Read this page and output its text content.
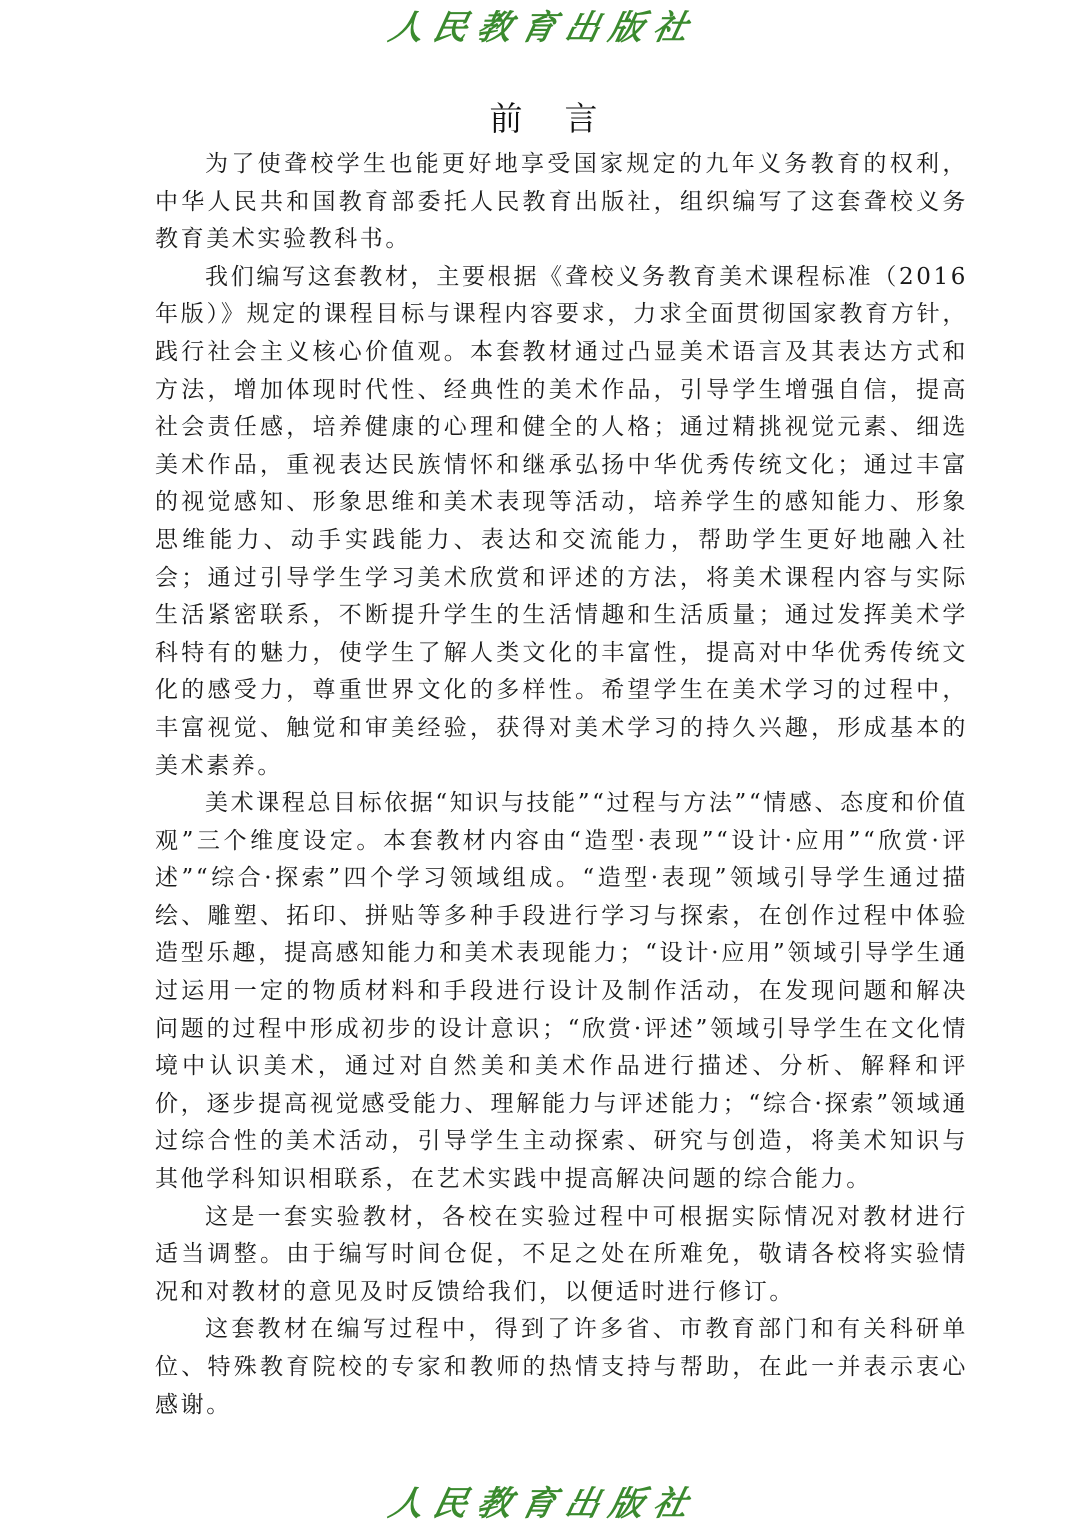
人民教育出版社
前言

为了使聋校学生也能更好地享受国家规定的九年义务教育的权利，中华人民共和国教育部委托人民教育出版社，组织编写了这套聋校义务教育美术实验教科书。

我们编写这套教材，主要根据《聋校义务教育美术课程标准（2016年版）》规定的课程目标与课程内容要求，力求全面贯彻国家教育方针，践行社会主义核心价值观。本套教材通过凸显美术语言及其表达方式和方法，增加体现时代性、经典性的美术作品，引导学生增强自信，提高社会责任感，培养健康的心理和健全的人格；通过精挑视觉元素、细选美术作品，重视表达民族情怀和继承弘扬中华优秀传统文化；通过丰富的视觉感知、形象思维和美术表现等活动，培养学生的感知能力、形象思维能力、动手实践能力、表达和交流能力，帮助学生更好地融入社会；通过引导学生学习美术欣赏和评述的方法，将美术课程内容与实际生活紧密联系，不断提升学生的生活情趣和生活质量；通过发挥美术学科特有的魅力，使学生了解人类文化的丰富性，提高对中华优秀传统文化的感受力，尊重世界文化的多样性。希望学生在美术学习的过程中，丰富视觉、触觉和审美经验，获得对美术学习的持久兴趣，形成基本的美术素养。

美术课程总目标依据“知识与技能”“过程与方法”“情感、态度和价值观”三个维度设定。本套教材内容由“造型·表现”“设计·应用”“欣赏·评述”“综合·探索”四个学习领域组成。“造型·表现”领域引导学生通过描绘、雕塑、拓印、拼贴等多种手段进行学习与探索，在创作过程中体验造型乐趣，提高感知能力和美术表现能力；“设计·应用”领域引导学生通过运用一定的物质材料和手段进行设计及制作活动，在发现问题和解决问题的过程中形成初步的设计意识；“欣赏·评述”领域引导学生在文化情境中认识美术，通过对自然美和美术作品进行描述、分析、解释和评价，逐步提高视觉感受能力、理解能力与评述能力；“综合·探索”领域通过综合性的美术活动，引导学生主动探索、研究与创造，将美术知识与其他学科知识相联系，在艺术实践中提高解决问题的综合能力。

这是一套实验教材，各校在实验过程中可根据实际情况对教材进行适当调整。由于编写时间仓促，不足之处在所难免，敬请各校将实验情况和对教材的意见及时反馈给我们，以便适时进行修订。

这套教材在编写过程中，得到了许多省、市教育部门和有关科研单位、特殊教育院校的专家和教师的热情支持与帮助，在此一并表示衷心感谢。

人民教育出版社
